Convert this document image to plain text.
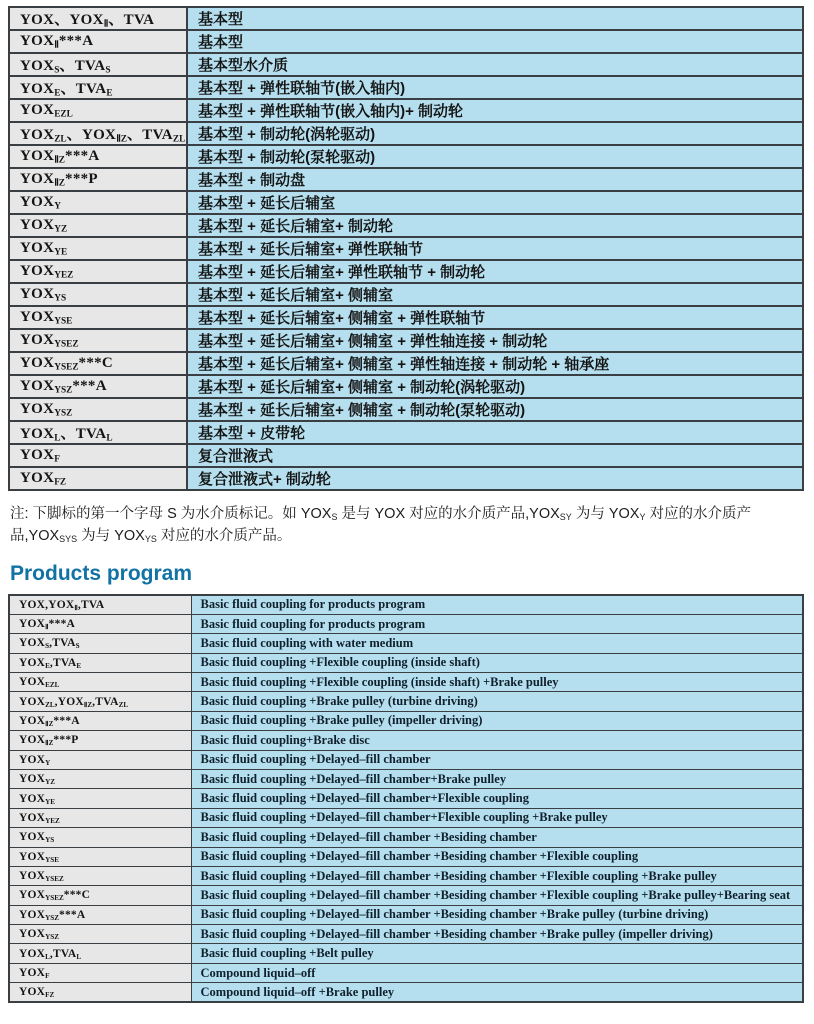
YOX、$YOX_Ⅱ$、TVA	基本型
$YOX_Ⅱ***A$	基本型
$YOX_S$、$TVA_S$	基本型水介质
$YOX_E$、$TVA_E$	基本型 + 弹性联轴节(嵌入轴内)
$YOX_{EZL}$	基本型 + 弹性联轴节(嵌入轴内)+ 制动轮
$YOX_{ZL}$、$YOX_{ⅡZ}$、$TVA_{ZL}$	基本型 + 制动轮(涡轮驱动)
$YOX_{ⅡZ}***A$	基本型 + 制动轮(泵轮驱动)
$YOX_{ⅡZ}***P$	基本型 + 制动盘
$YOX_Y$	基本型 + 延长后辅室
$YOX_{YZ}$	基本型 + 延长后辅室+ 制动轮
$YOX_{YE}$	基本型 + 延长后辅室+ 弹性联轴节
$YOX_{YEZ}$	基本型 + 延长后辅室+ 弹性联轴节 + 制动轮
$YOX_{YS}$	基本型 + 延长后辅室+ 侧辅室
$YOX_{YSE}$	基本型 + 延长后辅室+ 侧辅室 + 弹性联轴节
$YOX_{YSEZ}$	基本型 + 延长后辅室+ 侧辅室 + 弹性轴连接 + 制动轮
$YOX_{YSEZ}***C$	基本型 + 延长后辅室+ 侧辅室 + 弹性轴连接 + 制动轮 + 轴承座
$YOX_{YSZ}***A$	基本型 + 延长后辅室+ 侧辅室 + 制动轮(涡轮驱动)
$YOX_{YSZ}$	基本型 + 延长后辅室+ 侧辅室 + 制动轮(泵轮驱动)
$YOX_L$、$TVA_L$	基本型 + 皮带轮
$YOX_F$	复合泄液式
$YOX_{FZ}$	复合泄液式+ 制动轮

注: 下脚标的第一个字母 S 为水介质标记。如 $YOX_S$ 是与 YOX 对应的水介质产品$,YOX_{SY}$ 为与 $YOX_Y$ 对应的水介质产品$,YOX_{SYS}$ 为与 $YOX_{YS}$ 对应的水介质产品。

Products program
$YOX,YOX_Ⅱ,TVA$	Basic fluid coupling for products program
$YOX_Ⅱ***A$	Basic fluid coupling for products program
$YOX_S,TVA_S$	Basic fluid coupling with water medium
$YOX_E,TVA_E$	Basic fluid coupling +Flexible coupling (inside shaft)
$YOX_{EZL}$	Basic fluid coupling +Flexible coupling (inside shaft) +Brake pulley
$YOX_{ZL},YOX_{ⅡZ},TVA_{ZL}$	Basic fluid coupling +Brake pulley (turbine driving)
$YOX_{ⅡZ}***A$	Basic fluid coupling +Brake pulley (impeller driving)
$YOX_{ⅡZ}***P$	Basic fluid coupling+Brake disc
$YOX_Y$	Basic fluid coupling +Delayed–fill chamber
$YOX_{YZ}$	Basic fluid coupling +Delayed–fill chamber+Brake pulley
$YOX_{YE}$	Basic fluid coupling +Delayed–fill chamber+Flexible coupling
$YOX_{YEZ}$	Basic fluid coupling +Delayed–fill chamber+Flexible coupling +Brake pulley
$YOX_{YS}$	Basic fluid coupling +Delayed–fill chamber +Besiding chamber
$YOX_{YSE}$	Basic fluid coupling +Delayed–fill chamber +Besiding chamber +Flexible coupling
$YOX_{YSEZ}$	Basic fluid coupling +Delayed–fill chamber +Besiding chamber +Flexible coupling +Brake pulley
$YOX_{YSEZ}***C$	Basic fluid coupling +Delayed–fill chamber +Besiding chamber +Flexible coupling +Brake pulley+Bearing seat
$YOX_{YSZ}***A$	Basic fluid coupling +Delayed–fill chamber +Besiding chamber +Brake pulley (turbine driving)
$YOX_{YSZ}$	Basic fluid coupling +Delayed–fill chamber +Besiding chamber +Brake pulley (impeller driving)
$YOX_L,TVA_L$	Basic fluid coupling +Belt pulley
$YOX_F$	Compound liquid–off
$YOX_{FZ}$	Compound liquid–off +Brake pulley
